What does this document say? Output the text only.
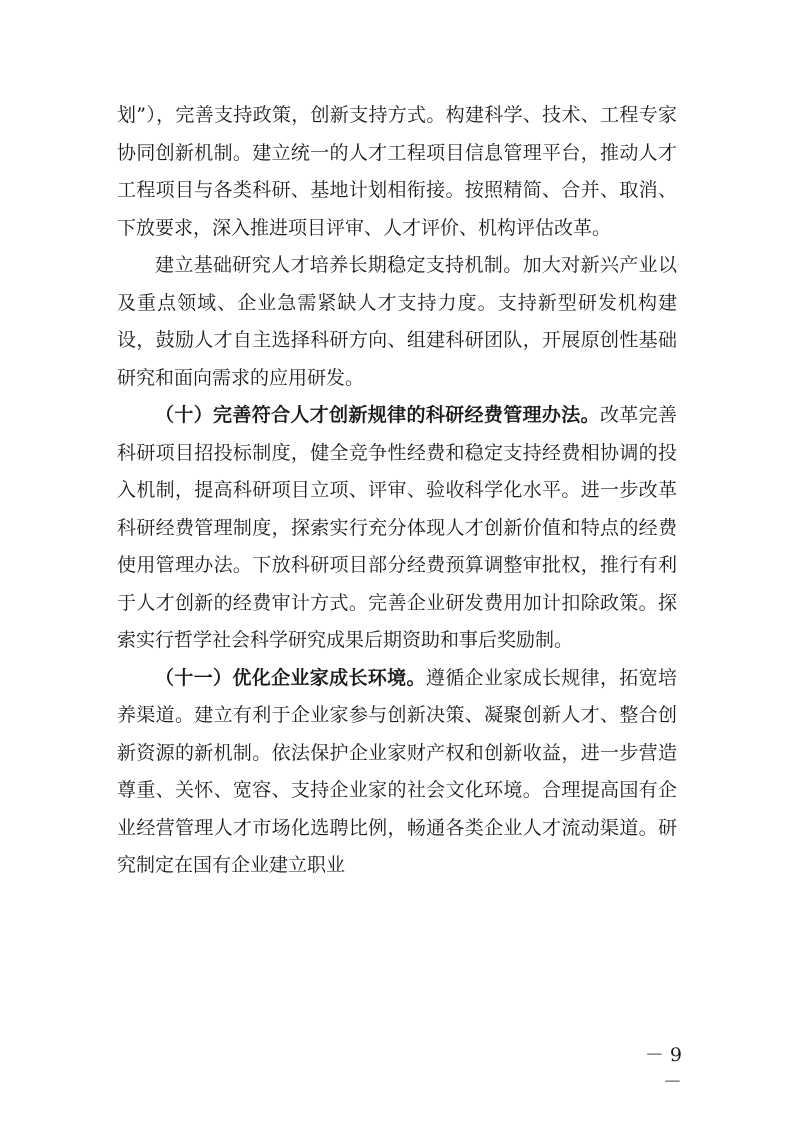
划”），完善支持政策，创新支持方式。构建科学、技术、工程专家协同创新机制。建立统一的人才工程项目信息管理平台，推动人才工程项目与各类科研、基地计划相衔接。按照精简、合并、取消、下放要求，深入推进项目评审、人才评价、机构评估改革。

建立基础研究人才培养长期稳定支持机制。加大对新兴产业以及重点领域、企业急需紧缺人才支持力度。支持新型研发机构建设，鼓励人才自主选择科研方向、组建科研团队，开展原创性基础研究和面向需求的应用研发。

（十）完善符合人才创新规律的科研经费管理办法。改革完善科研项目招投标制度，健全竞争性经费和稳定支持经费相协调的投入机制，提高科研项目立项、评审、验收科学化水平。进一步改革科研经费管理制度，探索实行充分体现人才创新价值和特点的经费使用管理办法。下放科研项目部分经费预算调整审批权，推行有利于人才创新的经费审计方式。完善企业研发费用加计扣除政策。探索实行哲学社会科学研究成果后期资助和事后奖励制。

（十一）优化企业家成长环境。遵循企业家成长规律，拓宽培养渠道。建立有利于企业家参与创新决策、凝聚创新人才、整合创新资源的新机制。依法保护企业家财产权和创新收益，进一步营造尊重、关怀、宽容、支持企业家的社会文化环境。合理提高国有企业经营管理人才市场化选聘比例，畅通各类企业人才流动渠道。研究制定在国有企业建立职业

－ 9 －
